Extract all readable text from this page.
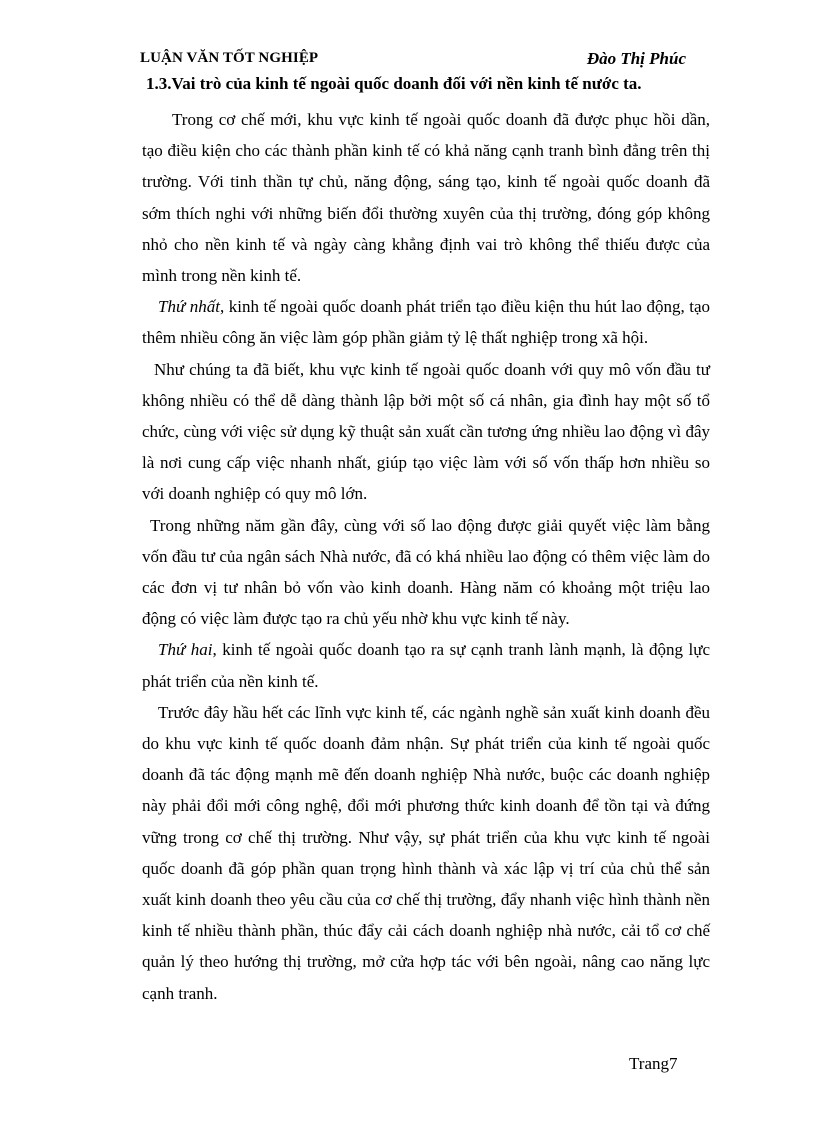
LUẬN VĂN TỐT NGHIỆP	Đào Thị Phúc
1.3.Vai trò của kinh tế ngoài quốc doanh đối với nền kinh tế nước ta.

Trong cơ chế mới, khu vực kinh tế ngoài quốc doanh đã được phục hồi dần, tạo điều kiện cho các thành phần kinh tế có khả năng cạnh tranh bình đẳng trên thị trường. Với tinh thần tự chủ, năng động, sáng tạo, kinh tế ngoài quốc doanh đã sớm thích nghi với những biến đổi thường xuyên của thị trường, đóng góp không nhỏ cho nền kinh tế và ngày càng khẳng định vai trò không thể thiếu được của mình trong nền kinh tế.

Thứ nhất, kinh tế ngoài quốc doanh phát triển tạo điều kiện thu hút lao động, tạo thêm nhiều công ăn việc làm góp phần giảm tỷ lệ thất nghiệp trong xã hội.

Như chúng ta đã biết, khu vực kinh tế ngoài quốc doanh với quy mô vốn đầu tư không nhiều có thể dễ dàng thành lập bởi một số cá nhân, gia đình hay một số tổ chức, cùng với việc sử dụng kỹ thuật sản xuất cần tương ứng nhiều lao động vì đây là nơi cung cấp việc nhanh nhất, giúp tạo việc làm với số vốn thấp hơn nhiều so với doanh nghiệp có quy mô lớn.

Trong những năm gần đây, cùng với số lao động được giải quyết việc làm bằng vốn đầu tư của ngân sách Nhà nước, đã có khá nhiều lao động có thêm việc làm do các đơn vị tư nhân bỏ vốn vào kinh doanh. Hàng năm có khoảng một triệu lao động có việc làm được tạo ra chủ yếu nhờ khu vực kinh tế này.

Thứ hai, kinh tế ngoài quốc doanh tạo ra sự cạnh tranh lành mạnh, là động lực phát triển của nền kinh tế.

Trước đây hầu hết các lĩnh vực kinh tế, các ngành nghề sản xuất kinh doanh đều do khu vực kinh tế quốc doanh đảm nhận. Sự phát triển của kinh tế ngoài quốc doanh đã tác động mạnh mẽ đến doanh nghiệp Nhà nước, buộc các doanh nghiệp này phải đổi mới công nghệ, đổi mới phương thức kinh doanh để tồn tại và đứng vững trong cơ chế thị trường. Như vậy, sự phát triển của khu vực kinh tế ngoài quốc doanh đã góp phần quan trọng hình thành và xác lập vị trí của chủ thể sản xuất kinh doanh theo yêu cầu của cơ chế thị trường, đẩy nhanh việc hình thành nền kinh tế nhiều thành phần, thúc đẩy cải cách doanh nghiệp nhà nước, cải tổ cơ chế quản lý theo hướng thị trường, mở cửa hợp tác với bên ngoài, nâng cao năng lực cạnh tranh.

Trang7
